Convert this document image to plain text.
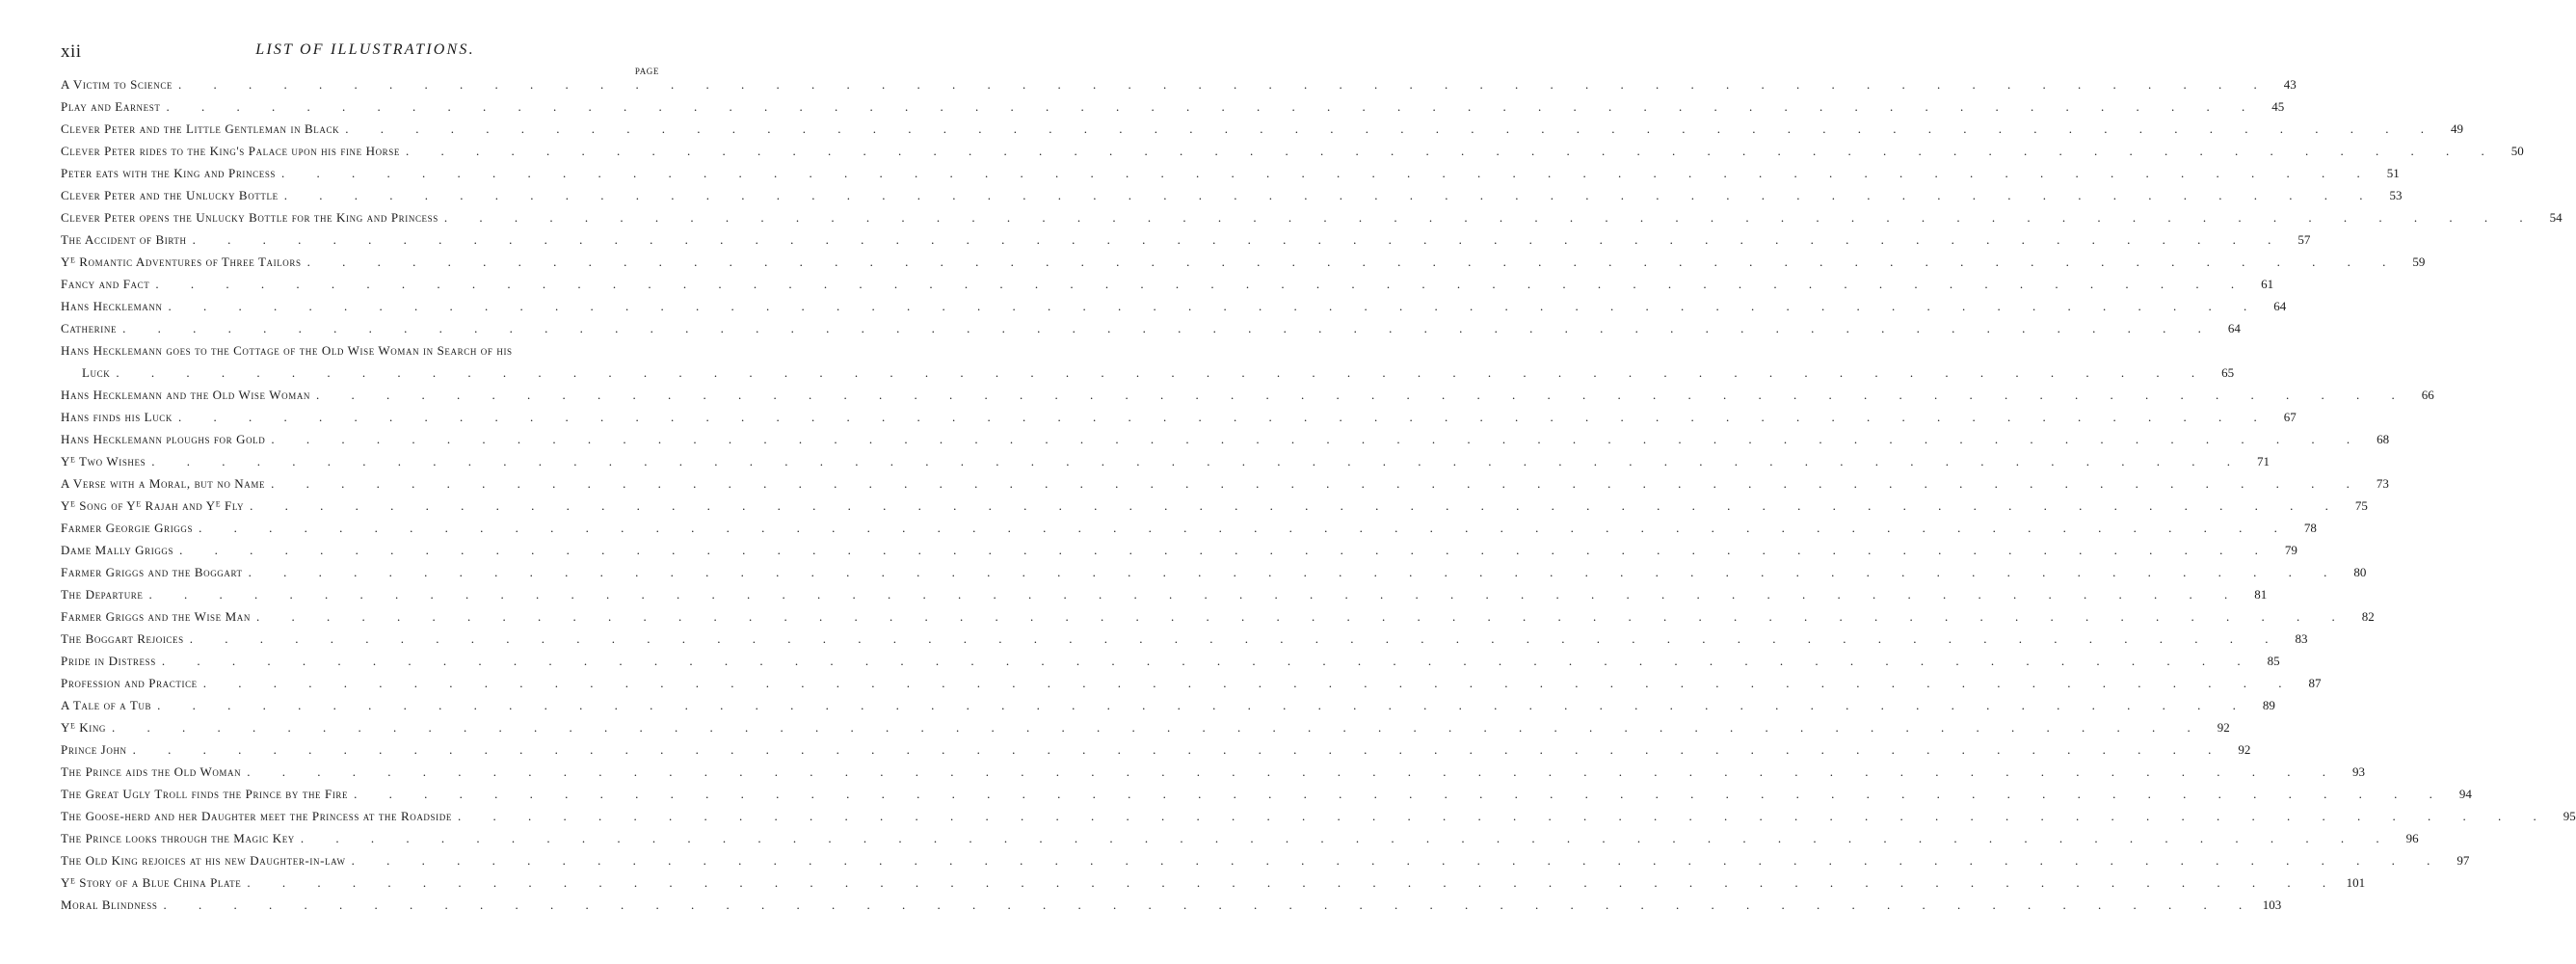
xii	LIST OF ILLUSTRATIONS.
PAGE
A Victim to Science . . . . . . . . . . . . . . . . . . . . . . . . . . . . . . . . . . . . . . . . . . . . . . . . . . . . . . . . . . . .	43
Play and Earnest . . . . . . . . . . . . . . . . . . . . . . . . . . . . . . . . . . . . . . . . . . . . . . . . . . . . . . . . . . . .	45
Clever Peter and the Little Gentleman in Black . . . . . . . . . . . . . . . . . . . . . . . . . . . . . . . . . . . . . . . . . . . . . . . . . . . . . . . . . . . .	49
Clever Peter rides to the King's Palace upon his fine Horse . . . . . . . . . . . . . . . . . . . . . . . . . . . . . . . . . . . . . . . . . . . . . . . . . . . . . . . . . . . .	50
Peter eats with the King and Princess . . . . . . . . . . . . . . . . . . . . . . . . . . . . . . . . . . . . . . . . . . . . . . . . . . . . . . . . . . . .	51
Clever Peter and the Unlucky Bottle . . . . . . . . . . . . . . . . . . . . . . . . . . . . . . . . . . . . . . . . . . . . . . . . . . . . . . . . . . . .	53
Clever Peter opens the Unlucky Bottle for the King and Princess . . . . . . . . . . . . . . . . . . . . . . . . . . . . . . . . . . . . . . . . . . . . . . . . . . . . . . . . . . . .	54
The Accident of Birth . . . . . . . . . . . . . . . . . . . . . . . . . . . . . . . . . . . . . . . . . . . . . . . . . . . . . . . . . . . .	57
Yᴱ Romantic Adventures of Three Tailors . . . . . . . . . . . . . . . . . . . . . . . . . . . . . . . . . . . . . . . . . . . . . . . . . . . . . . . . . . . .	59
Fancy and Fact . . . . . . . . . . . . . . . . . . . . . . . . . . . . . . . . . . . . . . . . . . . . . . . . . . . . . . . . . . . .	61
Hans Hecklemann . . . . . . . . . . . . . . . . . . . . . . . . . . . . . . . . . . . . . . . . . . . . . . . . . . . . . . . . . . . .	64
Catherine . . . . . . . . . . . . . . . . . . . . . . . . . . . . . . . . . . . . . . . . . . . . . . . . . . . . . . . . . . . .	64
Hans Hecklemann goes to the Cottage of the Old Wise Woman in Search of his
Luck . . . . . . . . . . . . . . . . . . . . . . . . . . . . . . . . . . . . . . . . . . . . . . . . . . . . . . . . . . . .	65
Hans Hecklemann and the Old Wise Woman . . . . . . . . . . . . . . . . . . . . . . . . . . . . . . . . . . . . . . . . . . . . . . . . . . . . . . . . . . . .	66
Hans finds his Luck . . . . . . . . . . . . . . . . . . . . . . . . . . . . . . . . . . . . . . . . . . . . . . . . . . . . . . . . . . . .	67
Hans Hecklemann ploughs for Gold . . . . . . . . . . . . . . . . . . . . . . . . . . . . . . . . . . . . . . . . . . . . . . . . . . . . . . . . . . . .	68
Yᴱ Two Wishes . . . . . . . . . . . . . . . . . . . . . . . . . . . . . . . . . . . . . . . . . . . . . . . . . . . . . . . . . . . .	71
A Verse with a Moral, but no Name . . . . . . . . . . . . . . . . . . . . . . . . . . . . . . . . . . . . . . . . . . . . . . . . . . . . . . . . . . . .	73
Yᴱ Song of Yᴱ Rajah and Yᴱ Fly . . . . . . . . . . . . . . . . . . . . . . . . . . . . . . . . . . . . . . . . . . . . . . . . . . . . . . . . . . . .	75
Farmer Georgie Griggs . . . . . . . . . . . . . . . . . . . . . . . . . . . . . . . . . . . . . . . . . . . . . . . . . . . . . . . . . . . .	78
Dame Mally Griggs . . . . . . . . . . . . . . . . . . . . . . . . . . . . . . . . . . . . . . . . . . . . . . . . . . . . . . . . . . . .	79
Farmer Griggs and the Boggart . . . . . . . . . . . . . . . . . . . . . . . . . . . . . . . . . . . . . . . . . . . . . . . . . . . . . . . . . . . .	80
The Departure . . . . . . . . . . . . . . . . . . . . . . . . . . . . . . . . . . . . . . . . . . . . . . . . . . . . . . . . . . . .	81
Farmer Griggs and the Wise Man . . . . . . . . . . . . . . . . . . . . . . . . . . . . . . . . . . . . . . . . . . . . . . . . . . . . . . . . . . . .	82
The Boggart Rejoices . . . . . . . . . . . . . . . . . . . . . . . . . . . . . . . . . . . . . . . . . . . . . . . . . . . . . . . . . . . .	83
Pride in Distress . . . . . . . . . . . . . . . . . . . . . . . . . . . . . . . . . . . . . . . . . . . . . . . . . . . . . . . . . . . .	85
Profession and Practice . . . . . . . . . . . . . . . . . . . . . . . . . . . . . . . . . . . . . . . . . . . . . . . . . . . . . . . . . . . .	87
A Tale of a Tub . . . . . . . . . . . . . . . . . . . . . . . . . . . . . . . . . . . . . . . . . . . . . . . . . . . . . . . . . . . .	89
Yᴱ King . . . . . . . . . . . . . . . . . . . . . . . . . . . . . . . . . . . . . . . . . . . . . . . . . . . . . . . . . . . .	92
Prince John . . . . . . . . . . . . . . . . . . . . . . . . . . . . . . . . . . . . . . . . . . . . . . . . . . . . . . . . . . . .	92
The Prince aids the Old Woman . . . . . . . . . . . . . . . . . . . . . . . . . . . . . . . . . . . . . . . . . . . . . . . . . . . . . . . . . . . .	93
The Great Ugly Troll finds the Prince by the Fire . . . . . . . . . . . . . . . . . . . . . . . . . . . . . . . . . . . . . . . . . . . . . . . . . . . . . . . . . . . .	94
The Goose-herd and her Daughter meet the Princess at the Roadside . . . . . . . . . . . . . . . . . . . . . . . . . . . . . . . . . . . . . . . . . . . . . . . . . . . . . . . . . . . .	95
The Prince looks through the Magic Key . . . . . . . . . . . . . . . . . . . . . . . . . . . . . . . . . . . . . . . . . . . . . . . . . . . . . . . . . . . .	96
The Old King rejoices at his new Daughter-in-law . . . . . . . . . . . . . . . . . . . . . . . . . . . . . . . . . . . . . . . . . . . . . . . . . . . . . . . . . . . .	97
Yᴱ Story of a Blue China Plate . . . . . . . . . . . . . . . . . . . . . . . . . . . . . . . . . . . . . . . . . . . . . . . . . . . . . . . . . . . . 101
Moral Blindness . . . . . . . . . . . . . . . . . . . . . . . . . . . . . . . . . . . . . . . . . . . . . . . . . . . . . . . . . . . . 103
